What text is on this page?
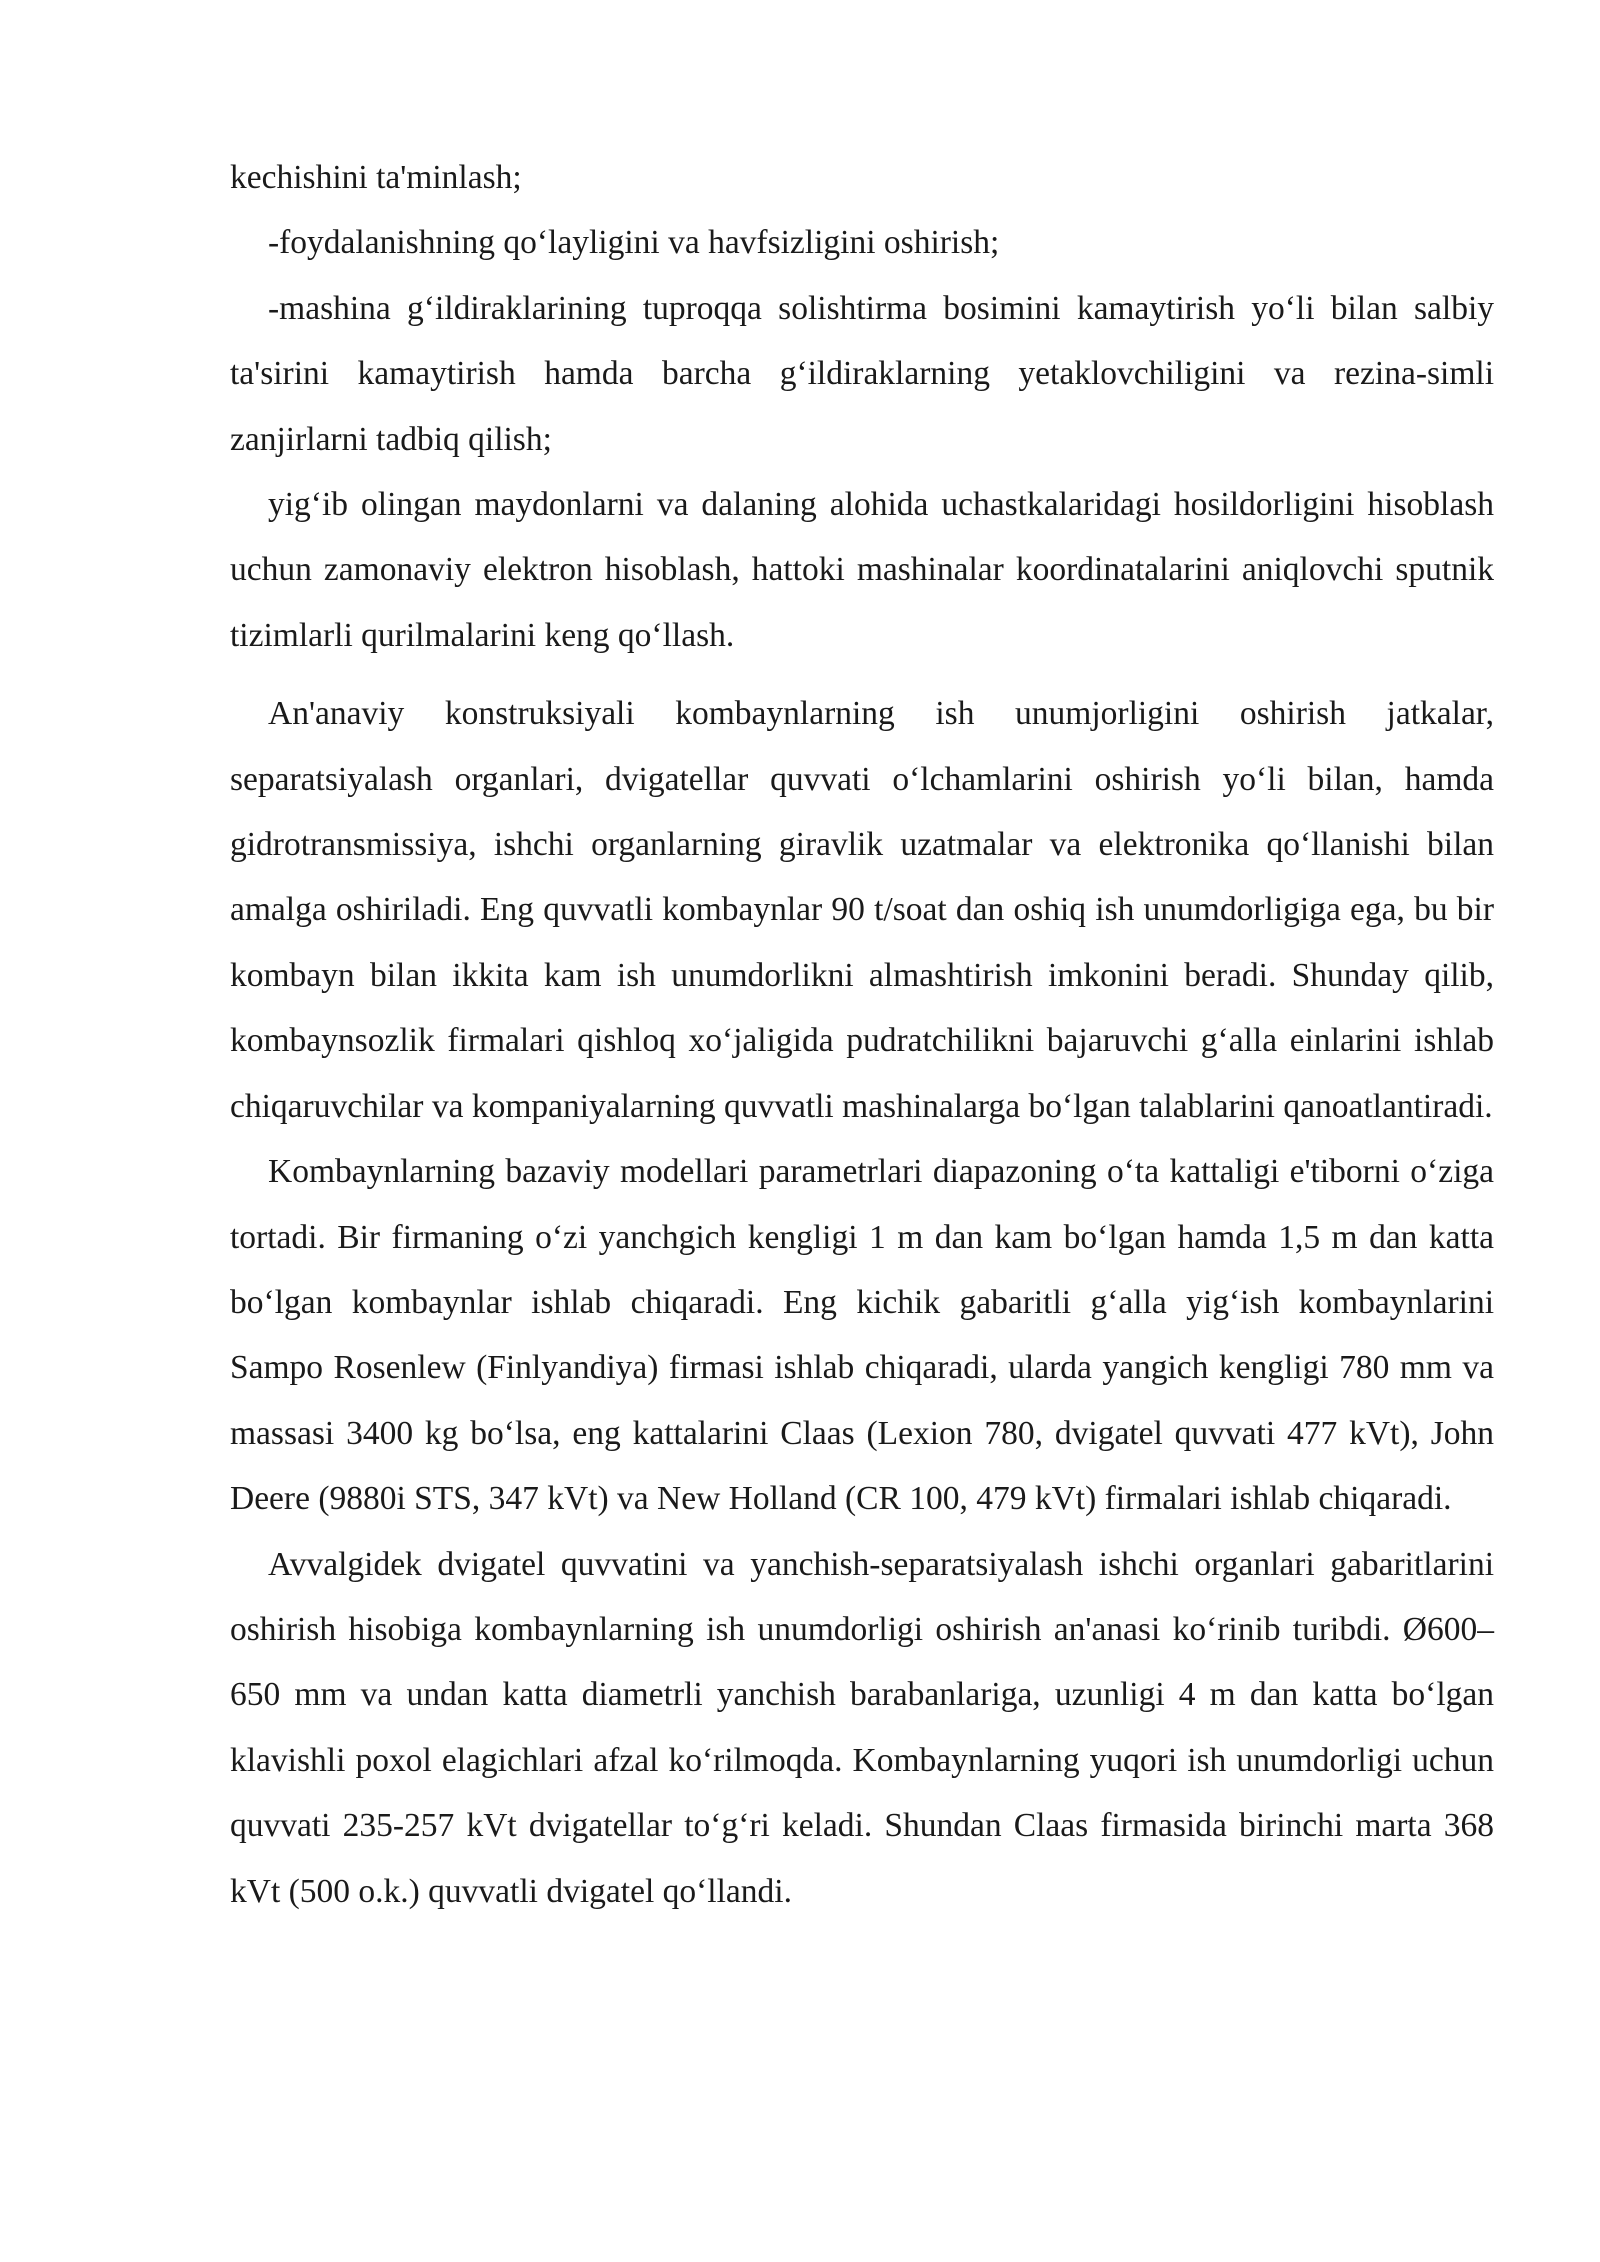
kechishini ta'minlash;

-foydalanishning qo‘layligini va havfsizligini oshirish;

-mashina g‘ildiraklarining tuproqqa solishtirma bosimini kamaytirish yo‘li bilan salbiy ta'sirini kamaytirish hamda barcha g‘ildiraklarning yetaklovchiligini va rezina-simli zanjirlarni tadbiq qilish;

yig‘ib olingan maydonlarni va dalaning alohida uchastkalaridagi hosildorligini hisoblash uchun zamonaviy elektron hisoblash, hattoki mashinalar koordinatalarini aniqlovchi sputnik tizimlarli qurilmalarini keng qo‘llash.

An'anaviy konstruksiyali kombaynlarning ish unumjorligini oshirish jatkalar, separatsiyalash organlari, dvigatellar quvvati o‘lchamlarini oshirish yo‘li bilan, hamda gidrotransmissiya, ishchi organlarning giravlik uzatmalar va elektronika qo‘llanishi bilan amalga oshiriladi. Eng quvvatli kombaynlar 90 t/soat dan oshiq ish unumdorligiga ega, bu bir kombayn bilan ikkita kam ish unumdorlikni almashtirish imkonini beradi. Shunday qilib, kombaynsozlik firmalari qishloq xo‘jaligida pudratchilikni bajaruvchi g‘alla einlarini ishlab chiqaruvchilar va kompaniyalarning quvvatli mashinalarga bo‘lgan talablarini qanoatlantiradi.

Kombaynlarning bazaviy modellari parametrlari diapazoning o‘ta kattaligi e'tiborni o‘ziga tortadi. Bir firmaning o‘zi yanchgich kengligi 1 m dan kam bo‘lgan hamda 1,5 m dan katta bo‘lgan kombaynlar ishlab chiqaradi. Eng kichik gabaritli g‘alla yig‘ish kombaynlarini Sampo Rosenlew (Finlyandiya) firmasi ishlab chiqaradi, ularda yangich kengligi 780 mm va massasi 3400 kg bo‘lsa, eng kattalarini Claas (Lexion 780, dvigatel quvvati 477 kVt), John Deere (9880i STS, 347 kVt) va New Holland (CR 100, 479 kVt) firmalari ishlab chiqaradi.

Avvalgidek dvigatel quvvatini va yanchish-separatsiyalash ishchi organlari gabaritlarini oshirish hisobiga kombaynlarning ish unumdorligi oshirish an'anasi ko‘rinib turibdi. Ø600–650 mm va undan katta diametrli yanchish barabanlariga, uzunligi 4 m dan katta bo‘lgan klavishli poxol elagichlari afzal ko‘rilmoqda. Kombaynlarning yuqori ish unumdorligi uchun quvvati 235-257 kVt dvigatellar to‘g‘ri keladi. Shundan Claas firmasida birinchi marta 368 kVt (500 o.k.) quvvatli dvigatel qo‘llandi.
